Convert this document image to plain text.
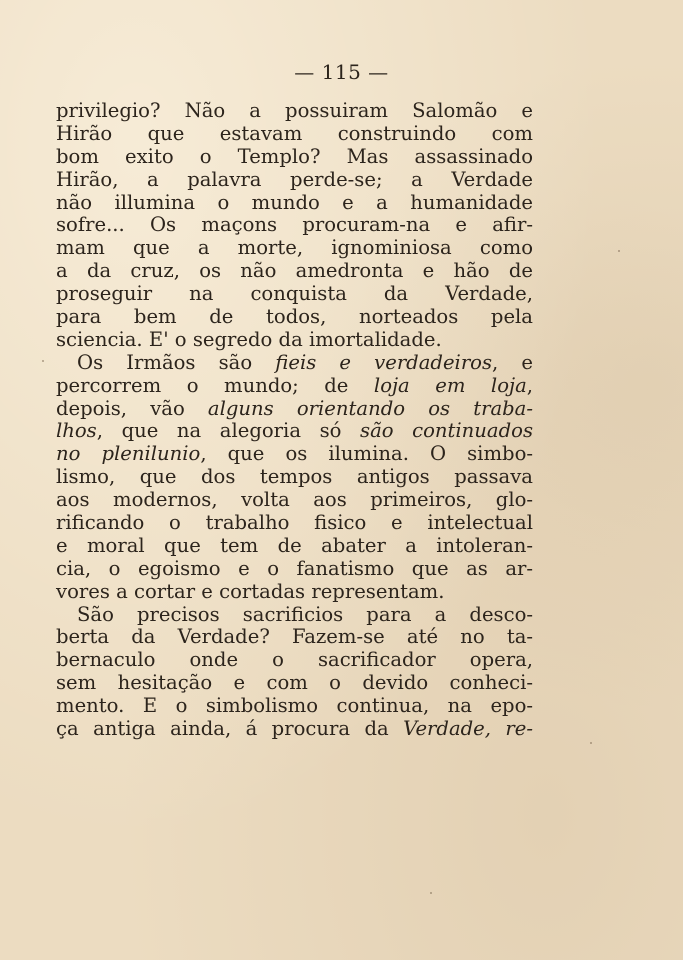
— 115 —
privilegio? Não a possuiram Salomão e
Hirão que estavam construindo com
bom exito o Templo? Mas assassinado
Hirão, a palavra perde-se; a Verdade
não illumina o mundo e a humanidade
sofre... Os maçons procuram-na e afir-
mam que a morte, ignominiosa como
a da cruz, os não amedronta e hão de
proseguir na conquista da Verdade,
para bem de todos, norteados pela
sciencia. E' o segredo da imortalidade.
Os Irmãos são fieis e verdadeiros, e
percorrem o mundo; de loja em loja,
depois, vão alguns orientando os traba-
lhos, que na alegoria só são continuados
no plenilunio, que os ilumina. O simbo-
lismo, que dos tempos antigos passava
aos modernos, volta aos primeiros, glo-
rificando o trabalho fisico e intelectual
e moral que tem de abater a intoleran-
cia, o egoismo e o fanatismo que as ar-
vores a cortar e cortadas representam.
São precisos sacrificios para a desco-
berta da Verdade? Fazem-se até no ta-
bernaculo onde o sacrificador opera,
sem hesitação e com o devido conheci-
mento. E o simbolismo continua, na epo-
ça antiga ainda, á procura da Verdade, re-
